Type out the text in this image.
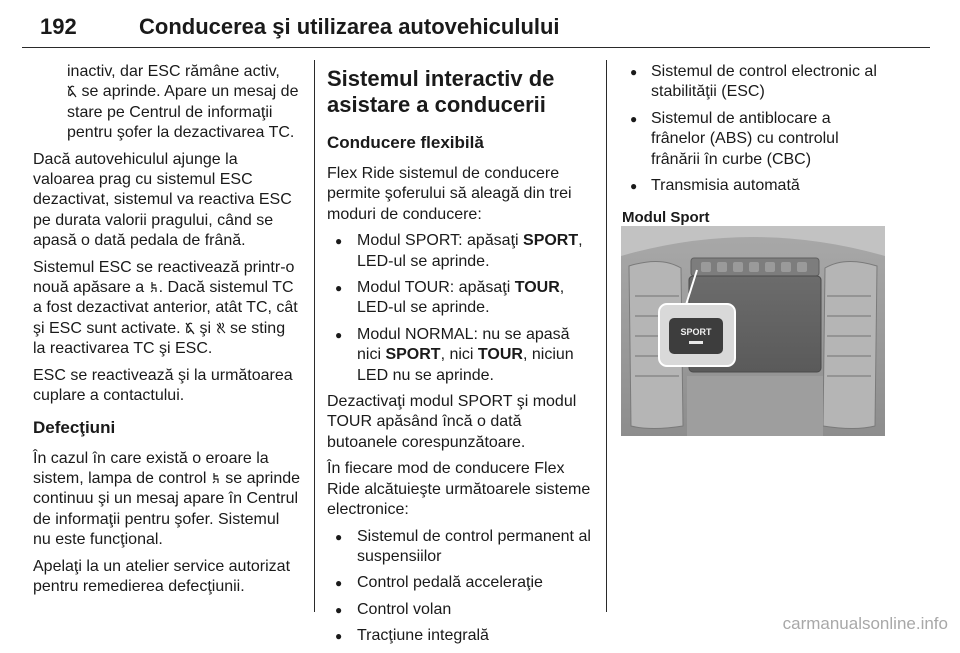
192	Conducerea şi utilizarea autovehiculului

inactiv, dar ESC rămâne activ,
se aprinde. Apare un mesaj de
stare pe Centrul de informaţii
pentru şofer la dezactivarea TC.

Dacă autovehiculul ajunge la valoarea prag cu sistemul ESC dezactivat, sistemul va reactiva ESC pe durata valorii pragului, când se apasă o dată pedala de frână.

Sistemul ESC se reactivează printr-o nouă apăsare a . Dacă sistemul TC a fost dezactivat anterior, atât TC, cât şi ESC sunt activate.  şi  se sting la reactivarea TC şi ESC.

ESC se reactivează şi la următoarea cuplare a contactului.

Defecţiuni

În cazul în care există o eroare la sistem, lampa de control  se aprinde continuu şi un mesaj apare în Centrul de informaţii pentru şofer. Sistemul nu este funcţional.

Apelaţi la un atelier service autorizat pentru remedierea defecţiunii.

Sistemul interactiv de
asistare a conducerii

Conducere flexibilă

Flex Ride sistemul de conducere permite şoferului să aleagă din trei moduri de conducere:

● Modul SPORT: apăsaţi SPORT, LED-ul se aprinde.
● Modul TOUR: apăsaţi TOUR, LED-ul se aprinde.
● Modul NORMAL: nu se apasă nici SPORT, nici TOUR, niciun LED nu se aprinde.

Dezactivaţi modul SPORT şi modul TOUR apăsând încă o dată butoanele corespunzătoare.

În fiecare mod de conducere Flex Ride alcătuieşte următoarele sisteme electronice:

● Sistemul de control permanent al suspensiilor
● Control pedală acceleraţie
● Control volan
● Tracţiune integrală
● Sistemul de control electronic al stabilităţii (ESC)
● Sistemul de antiblocare a frânelor (ABS) cu controlul frânării în curbe (CBC)
● Transmisia automată

Modul Sport

SPORT
carmanualsonline.info
